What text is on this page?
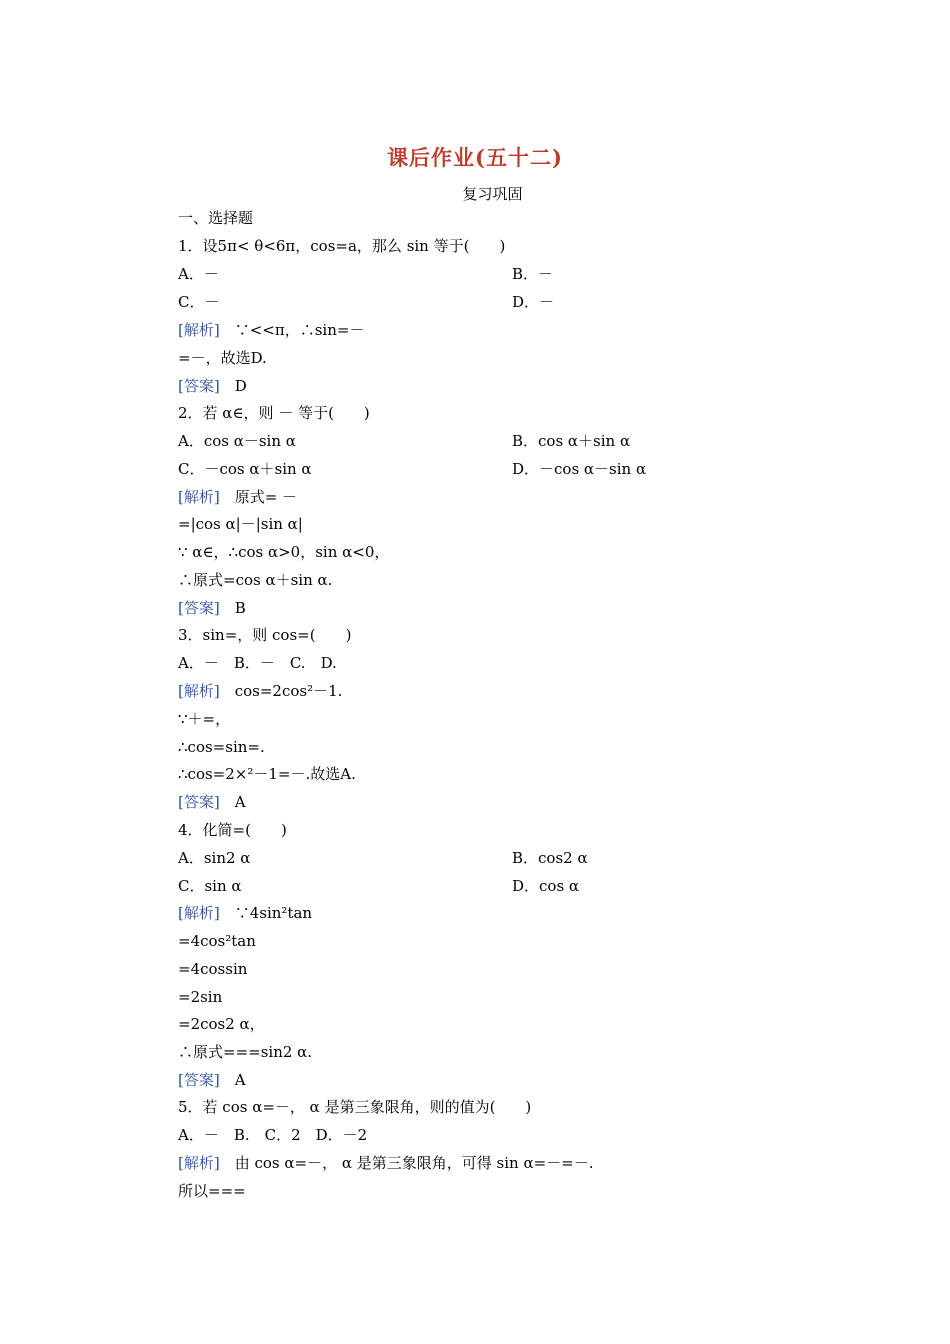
课后作业(五十二)
复习巩固
一、选择题
1．设5π< θ<6π，cos=a，那么 sin 等于(　　)
A．－	B．－
C．－	D．－
[解析]　∵<<π，∴sin=－
=－，故选D.
[答案]　D
2．若 α∈，则 － 等于(　　)
A．cos α－sin α	B．cos α＋sin α
C．－cos α＋sin α	D．－cos α－sin α
[解析]　原式= －
=|cos α|－|sin α|
∵ α∈，∴cos α>0，sin α<0，
∴原式=cos α＋sin α.
[答案]　B
3．sin=，则 cos=(　　)
A．－　B．－　C.　D.
[解析]　cos=2cos²－1.
∵＋=，
∴cos=sin=.
∴cos=2×²－1=－.故选A.
[答案]　A
4．化简=(　　)
A．sin2 α	B．cos2 α
C．sin α	D．cos α
[解析]　∵4sin²tan
=4cos²tan
=4cossin
=2sin
=2cos2 α，
∴原式===sin2 α.
[答案]　A
5．若 cos α=－， α 是第三象限角，则的值为(　　)
A．－　B.　C．2　D．－2
[解析]　由 cos α=－， α 是第三象限角，可得 sin α=－=－.
所以===
